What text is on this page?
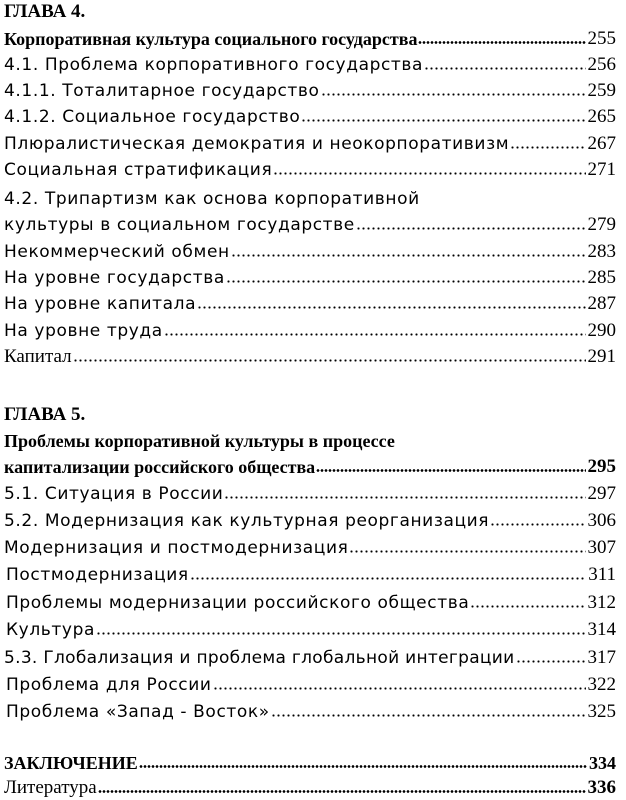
ГЛАВА 4.
Корпоративная культура социального государства	255
4.1. Проблема корпоративного государства	256
4.1.1. Тоталитарное государство	259
4.1.2. Социальное государство	265
Плюралистическая демократия и неокорпоративизм	267
Социальная стратификация	271
4.2. Трипартизм как основа корпоративной
культуры в социальном государстве	279
Некоммерческий обмен	283
На уровне государства	285
На уровне капитала	287
На уровне труда	290
Капитал	291
ГЛАВА 5.
Проблемы корпоративной культуры в процессе
капитализации российского общества	295
5.1. Ситуация в России	297
5.2. Модернизация как культурная реорганизация	306
Модернизация и постмодернизация	307
Постмодернизация	311
Проблемы модернизации российского общества	312
Культура	314
5.3. Глобализация и проблема глобальной интеграции	317
Проблема для России	322
Проблема «Запад - Восток»	325
ЗАКЛЮЧЕНИЕ	334
Литература	336
